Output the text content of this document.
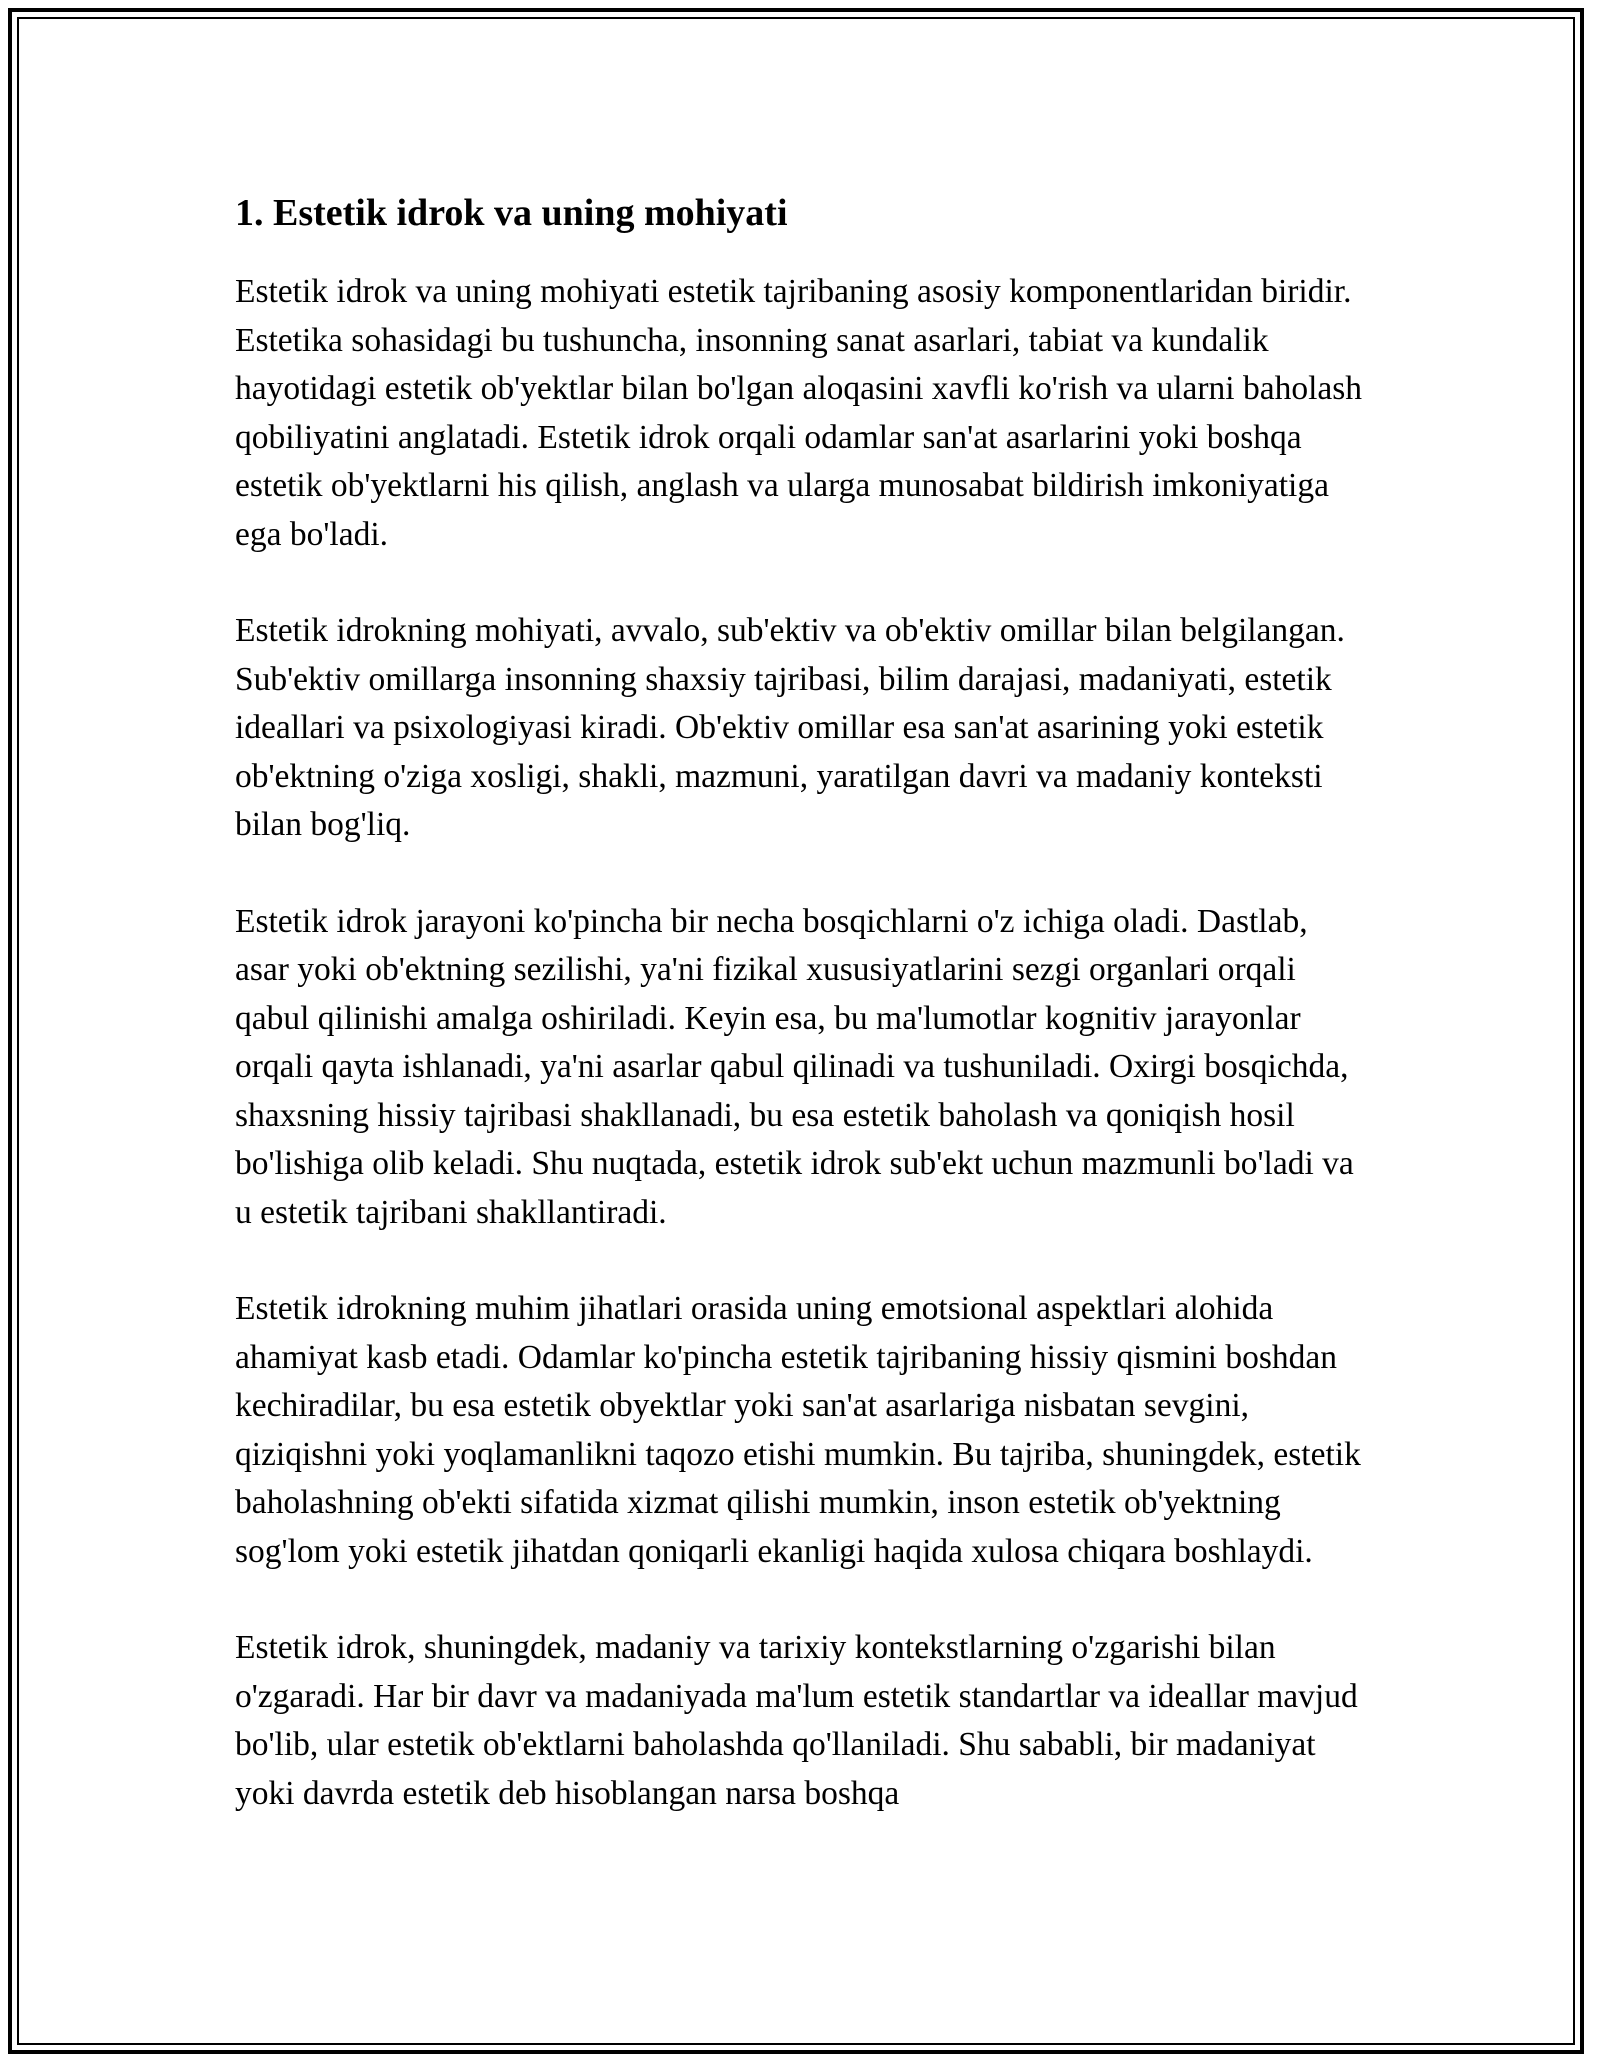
1. Estetik idrok va uning mohiyati

Estetik idrok va uning mohiyati estetik tajribaning asosiy komponentlaridan biridir. Estetika sohasidagi bu tushuncha, insonning sanat asarlari, tabiat va kundalik hayotidagi estetik ob'yektlar bilan bo'lgan aloqasini xavfli ko'rish va ularni baholash qobiliyatini anglatadi. Estetik idrok orqali odamlar san'at asarlarini yoki boshqa estetik ob'yektlarni his qilish, anglash va ularga munosabat bildirish imkoniyatiga ega bo'ladi.

Estetik idrokning mohiyati, avvalo, sub'ektiv va ob'ektiv omillar bilan belgilangan. Sub'ektiv omillarga insonning shaxsiy tajribasi, bilim darajasi, madaniyati, estetik ideallari va psixologiyasi kiradi. Ob'ektiv omillar esa san'at asarining yoki estetik ob'ektning o'ziga xosligi, shakli, mazmuni, yaratilgan davri va madaniy konteksti bilan bog'liq.

Estetik idrok jarayoni ko'pincha bir necha bosqichlarni o'z ichiga oladi. Dastlab, asar yoki ob'ektning sezilishi, ya'ni fizikal xususiyatlarini sezgi organlari orqali qabul qilinishi amalga oshiriladi. Keyin esa, bu ma'lumotlar kognitiv jarayonlar orqali qayta ishlanadi, ya'ni asarlar qabul qilinadi va tushuniladi. Oxirgi bosqichda, shaxsning hissiy tajribasi shakllanadi, bu esa estetik baholash va qoniqish hosil bo'lishiga olib keladi. Shu nuqtada, estetik idrok sub'ekt uchun mazmunli bo'ladi va u estetik tajribani shakllantiradi.

Estetik idrokning muhim jihatlari orasida uning emotsional aspektlari alohida ahamiyat kasb etadi. Odamlar ko'pincha estetik tajribaning hissiy qismini boshdan kechiradilar, bu esa estetik obyektlar yoki san'at asarlariga nisbatan sevgini, qiziqishni yoki yoqlamanlikni taqozo etishi mumkin. Bu tajriba, shuningdek, estetik baholashning ob'ekti sifatida xizmat qilishi mumkin, inson estetik ob'yektning sog'lom yoki estetik jihatdan qoniqarli ekanligi haqida xulosa chiqara boshlaydi.

Estetik idrok, shuningdek, madaniy va tarixiy kontekstlarning o'zgarishi bilan o'zgaradi. Har bir davr va madaniyada ma'lum estetik standartlar va ideallar mavjud bo'lib, ular estetik ob'ektlarni baholashda qo'llaniladi. Shu sababli, bir madaniyat yoki davrda estetik deb hisoblangan narsa boshqa
